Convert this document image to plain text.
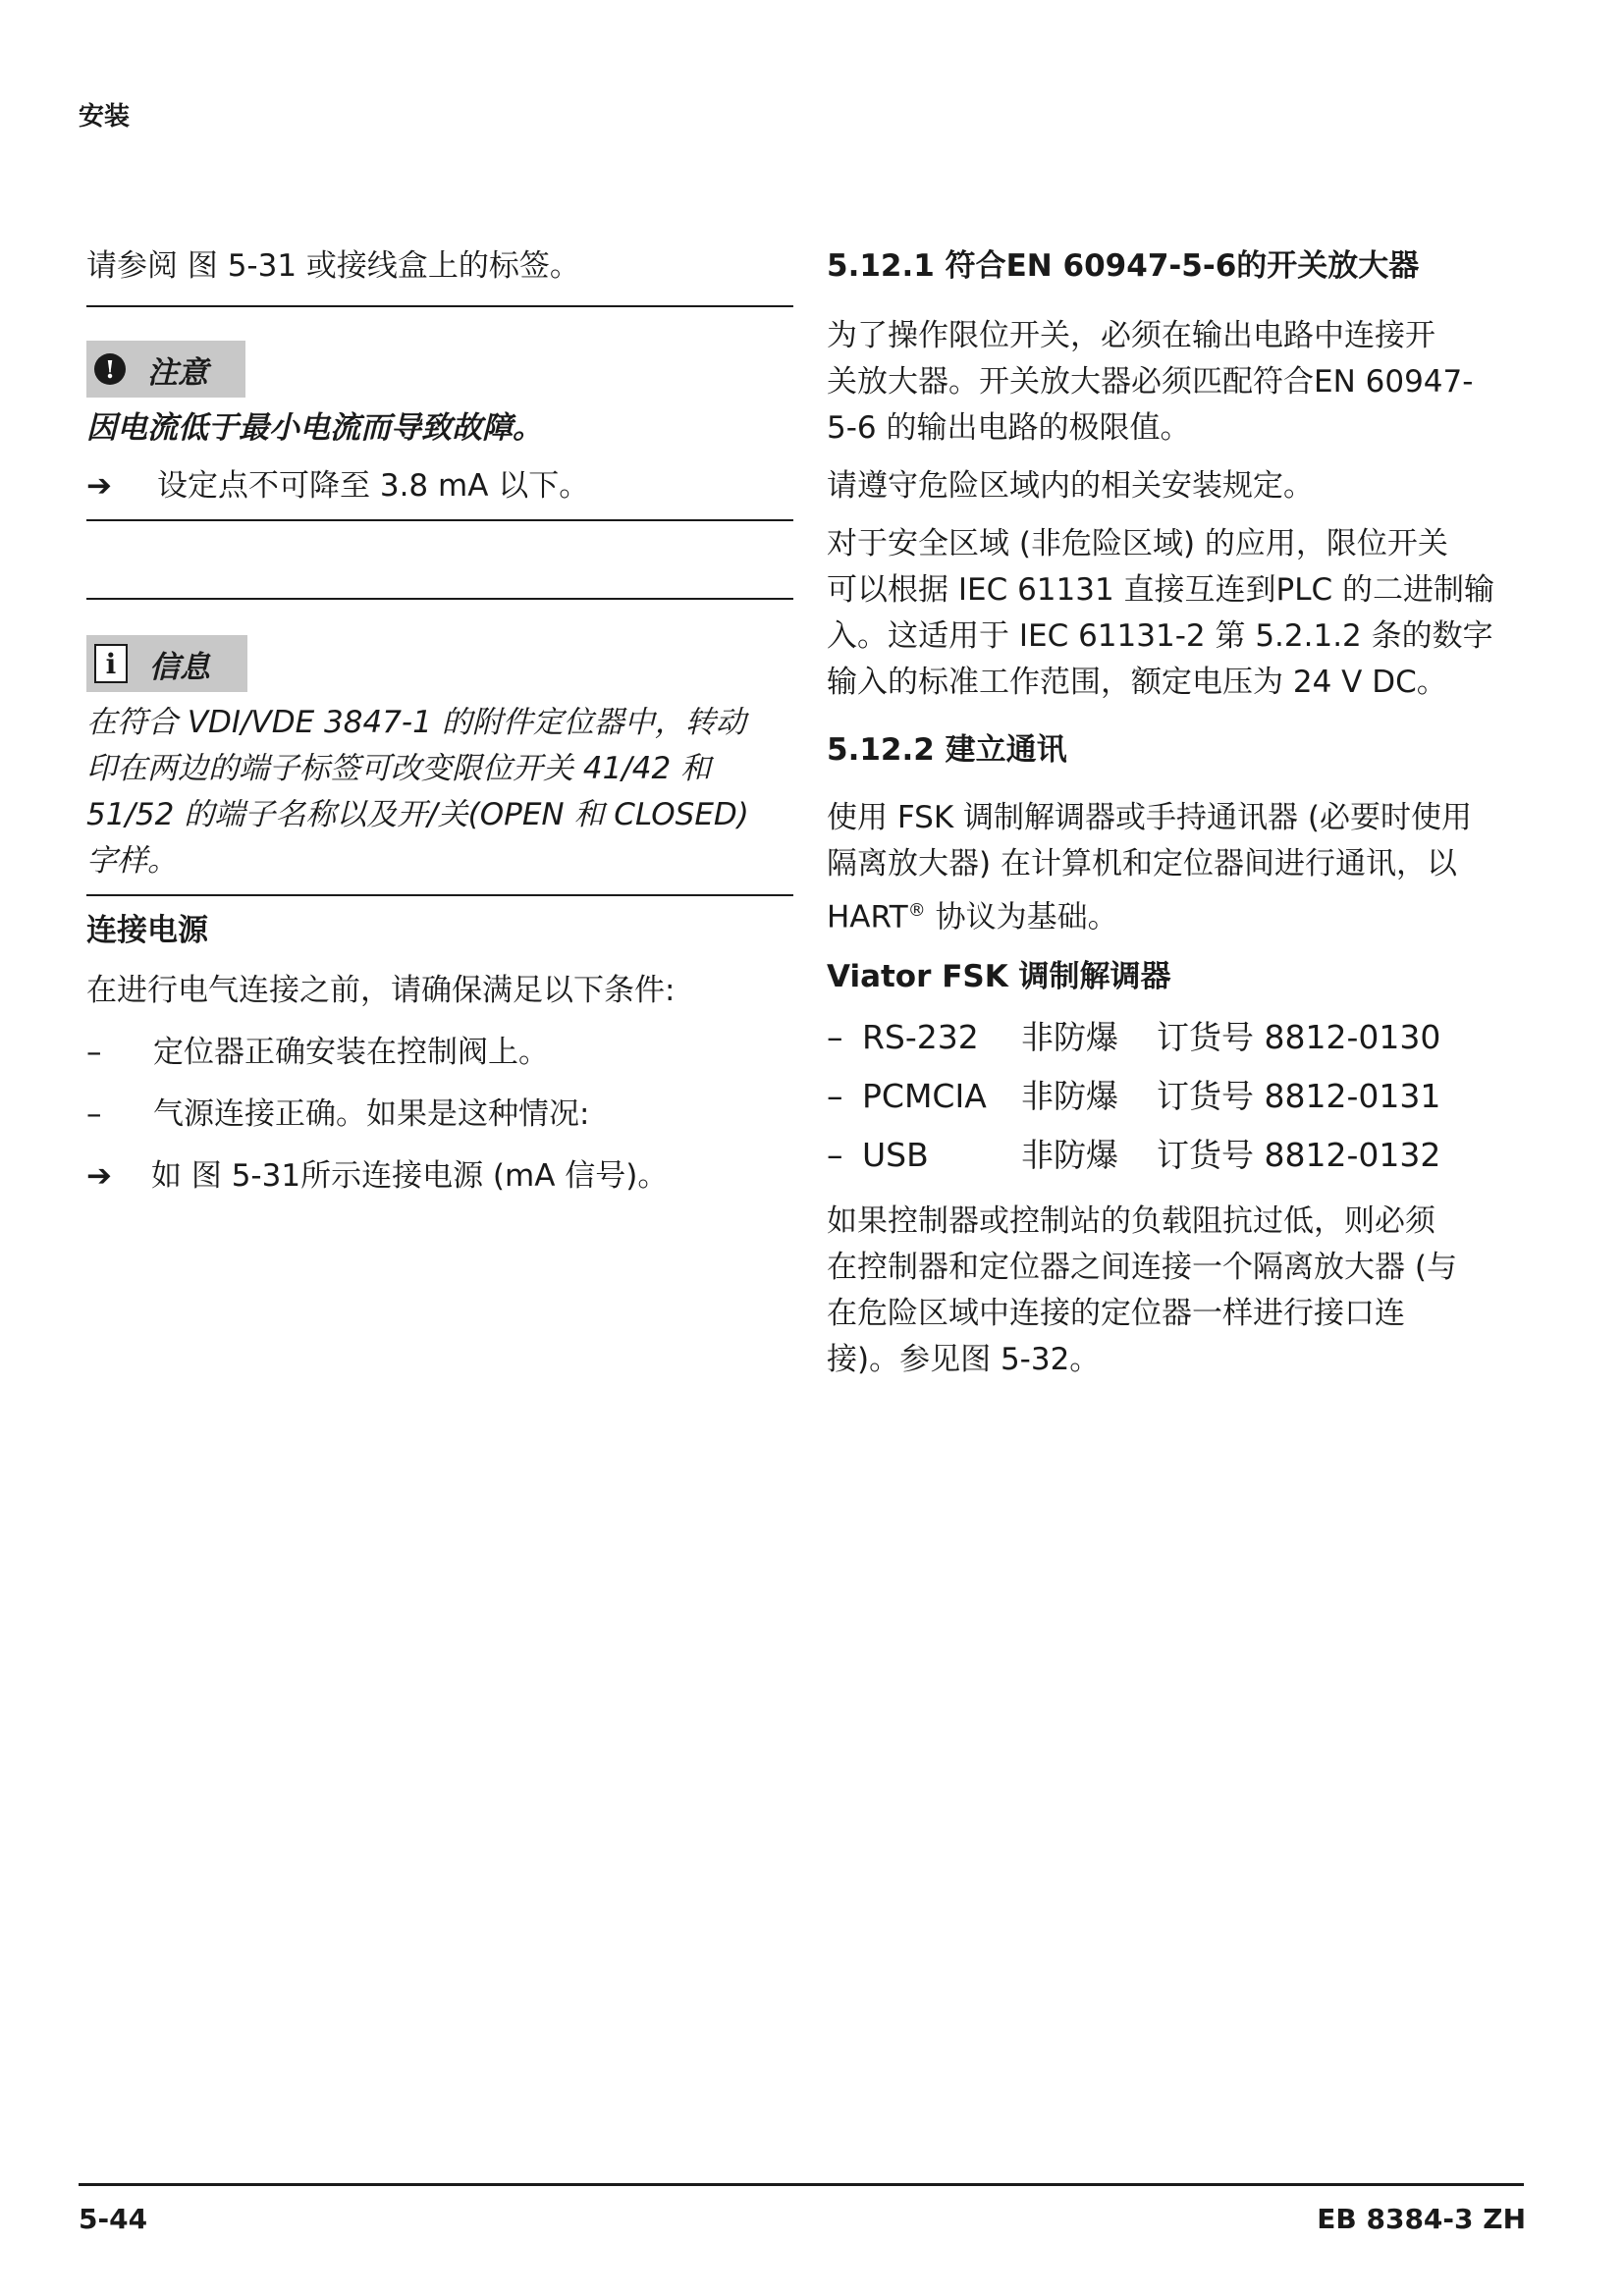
安装

请参阅 图 5-31 或接线盒上的标签。

!	注意

因电流低于最小电流而导致故障。

➔	设定点不可降至 3.8 mA 以下。
i	信息

在符合 VDI/VDE 3847-1 的附件定位器中，转动

印在两边的端子标签可改变限位开关 41/42 和

51/52 的端子名称以及开/关(OPEN 和 CLOSED)

字样。

连接电源

在进行电气连接之前，请确保满足以下条件:

–	定位器正确安装在控制阀上。
–	气源连接正确。如果是这种情况:
➔	如 图 5-31所示连接电源 (mA 信号)。

5.12.1 符合EN 60947-5-6的开关放大器

为了操作限位开关，必须在输出电路中连接开

关放大器。开关放大器必须匹配符合EN 60947-

5-6 的输出电路的极限值。

请遵守危险区域内的相关安装规定。

对于安全区域 (非危险区域) 的应用，限位开关

可以根据 IEC 61131 直接互连到PLC 的二进制输

入。这适用于 IEC 61131-2 第 5.2.1.2 条的数字

输入的标准工作范围，额定电压为 24 V DC。

5.12.2 建立通讯

使用 FSK 调制解调器或手持通讯器 (必要时使用

隔离放大器) 在计算机和定位器间进行通讯，以

HART® 协议为基础。

Viator FSK 调制解调器

– RS-232	非防爆	订货号 8812-0130
– PCMCIA	非防爆	订货号 8812-0131
– USB	非防爆	订货号 8812-0132

如果控制器或控制站的负载阻抗过低，则必须

在控制器和定位器之间连接一个隔离放大器 (与

在危险区域中连接的定位器一样进行接口连

接)。参见图 5-32。

5-44	EB 8384-3 ZH
